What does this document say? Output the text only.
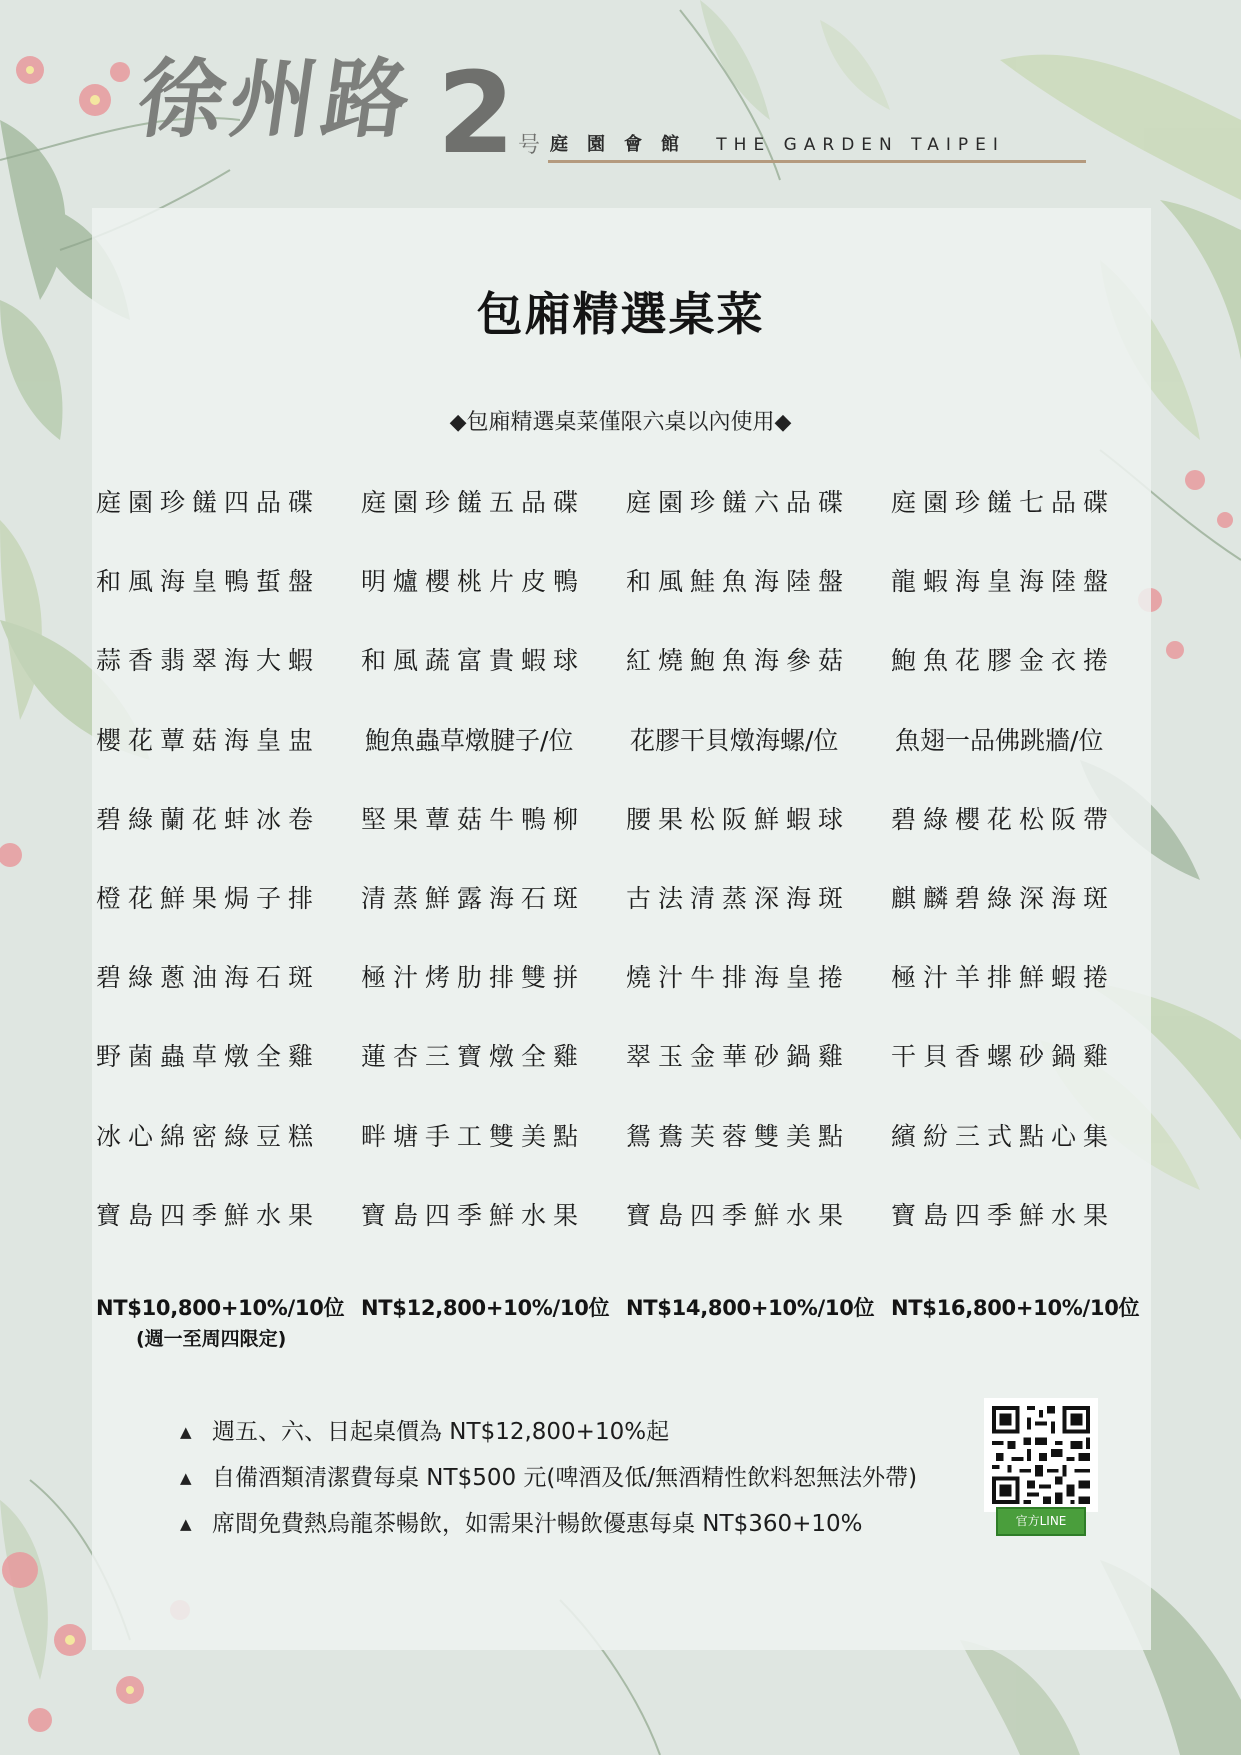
徐州路 2 号 庭園會館 THE GARDEN TAIPEI
包廂精選桌菜
◆包廂精選桌菜僅限六桌以內使用◆
庭園珍饈四品碟
和風海皇鴨蜇盤
蒜香翡翠海大蝦
櫻花蕈菇海皇盅
碧綠蘭花蚌冰卷
橙花鮮果焗子排
碧綠蔥油海石斑
野菌蟲草燉全雞
冰心綿密綠豆糕
寶島四季鮮水果
NT$10,800+10%/10位
(週一至周四限定)
庭園珍饈五品碟
明爐櫻桃片皮鴨
和風蔬富貴蝦球
鮑魚蟲草燉腱子/位
堅果蕈菇牛鴨柳
清蒸鮮露海石斑
極汁烤肋排雙拼
蓮杏三寶燉全雞
畔塘手工雙美點
寶島四季鮮水果
NT$12,800+10%/10位
庭園珍饈六品碟
和風鮭魚海陸盤
紅燒鮑魚海參菇
花膠干貝燉海螺/位
腰果松阪鮮蝦球
古法清蒸深海斑
燒汁牛排海皇捲
翠玉金華砂鍋雞
鴛鴦芙蓉雙美點
寶島四季鮮水果
NT$14,800+10%/10位
庭園珍饈七品碟
龍蝦海皇海陸盤
鮑魚花膠金衣捲
魚翅一品佛跳牆/位
碧綠櫻花松阪帶
麒麟碧綠深海斑
極汁羊排鮮蝦捲
干貝香螺砂鍋雞
繽紛三式點心集
寶島四季鮮水果
NT$16,800+10%/10位
▲ 週五、六、日起桌價為 NT$12,800+10%起
▲ 自備酒類清潔費每桌 NT$500 元(啤酒及低/無酒精性飲料恕無法外帶)
▲ 席間免費熱烏龍茶暢飲，如需果汁暢飲優惠每桌 NT$360+10%	官方LINE
